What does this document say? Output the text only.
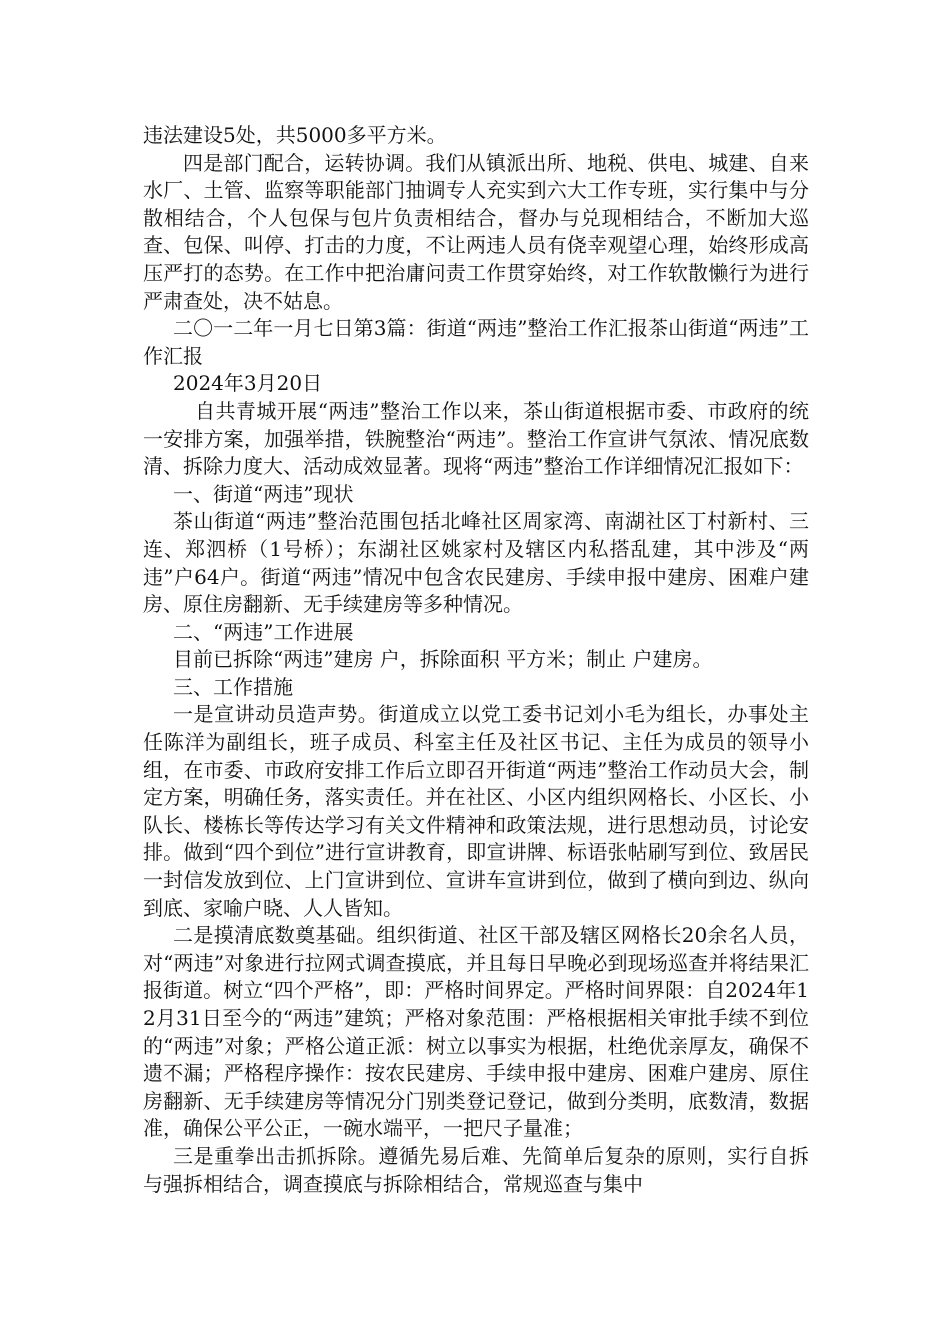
违法建设5处，共5000多平方米。

四是部门配合，运转协调。我们从镇派出所、地税、供电、城建、自来水厂、土管、监察等职能部门抽调专人充实到六大工作专班，实行集中与分散相结合，个人包保与包片负责相结合，督办与兑现相结合，不断加大巡查、包保、叫停、打击的力度，不让两违人员有侥幸观望心理，始终形成高压严打的态势。在工作中把治庸问责工作贯穿始终，对工作软散懒行为进行严肃查处，决不姑息。

二〇一二年一月七日第3篇：街道“两违”整治工作汇报茶山街道“两违”工作汇报

2024年3月20日

自共青城开展“两违”整治工作以来，茶山街道根据市委、市政府的统一安排方案，加强举措，铁腕整治“两违”。整治工作宣讲气氛浓、情况底数清、拆除力度大、活动成效显著。现将“两违”整治工作详细情况汇报如下：

一、街道“两违”现状

茶山街道“两违”整治范围包括北峰社区周家湾、南湖社区丁村新村、三连、郑泗桥（1号桥）；东湖社区姚家村及辖区内私搭乱建，其中涉及“两违”户64户。街道“两违”情况中包含农民建房、手续申报中建房、困难户建房、原住房翻新、无手续建房等多种情况。

二、“两违”工作进展

目前已拆除“两违”建房 户，拆除面积 平方米；制止 户建房。

三、工作措施

一是宣讲动员造声势。街道成立以党工委书记刘小毛为组长，办事处主任陈洋为副组长，班子成员、科室主任及社区书记、主任为成员的领导小组，在市委、市政府安排工作后立即召开街道“两违”整治工作动员大会，制定方案，明确任务，落实责任。并在社区、小区内组织网格长、小区长、小队长、楼栋长等传达学习有关文件精神和政策法规，进行思想动员，讨论安排。做到“四个到位”进行宣讲教育，即宣讲牌、标语张帖刷写到位、致居民一封信发放到位、上门宣讲到位、宣讲车宣讲到位，做到了横向到边、纵向到底、家喻户晓、人人皆知。

二是摸清底数奠基础。组织街道、社区干部及辖区网格长20余名人员，对“两违”对象进行拉网式调查摸底，并且每日早晚必到现场巡查并将结果汇报街道。树立“四个严格”，即：严格时间界定。严格时间界限：自2024年12月31日至今的“两违”建筑；严格对象范围：严格根据相关审批手续不到位的“两违”对象；严格公道正派：树立以事实为根据，杜绝优亲厚友，确保不遗不漏；严格程序操作：按农民建房、手续申报中建房、困难户建房、原住房翻新、无手续建房等情况分门别类登记登记，做到分类明，底数清，数据准，确保公平公正，一碗水端平，一把尺子量准；

三是重拳出击抓拆除。遵循先易后难、先简单后复杂的原则，实行自拆与强拆相结合，调查摸底与拆除相结合，常规巡查与集中
